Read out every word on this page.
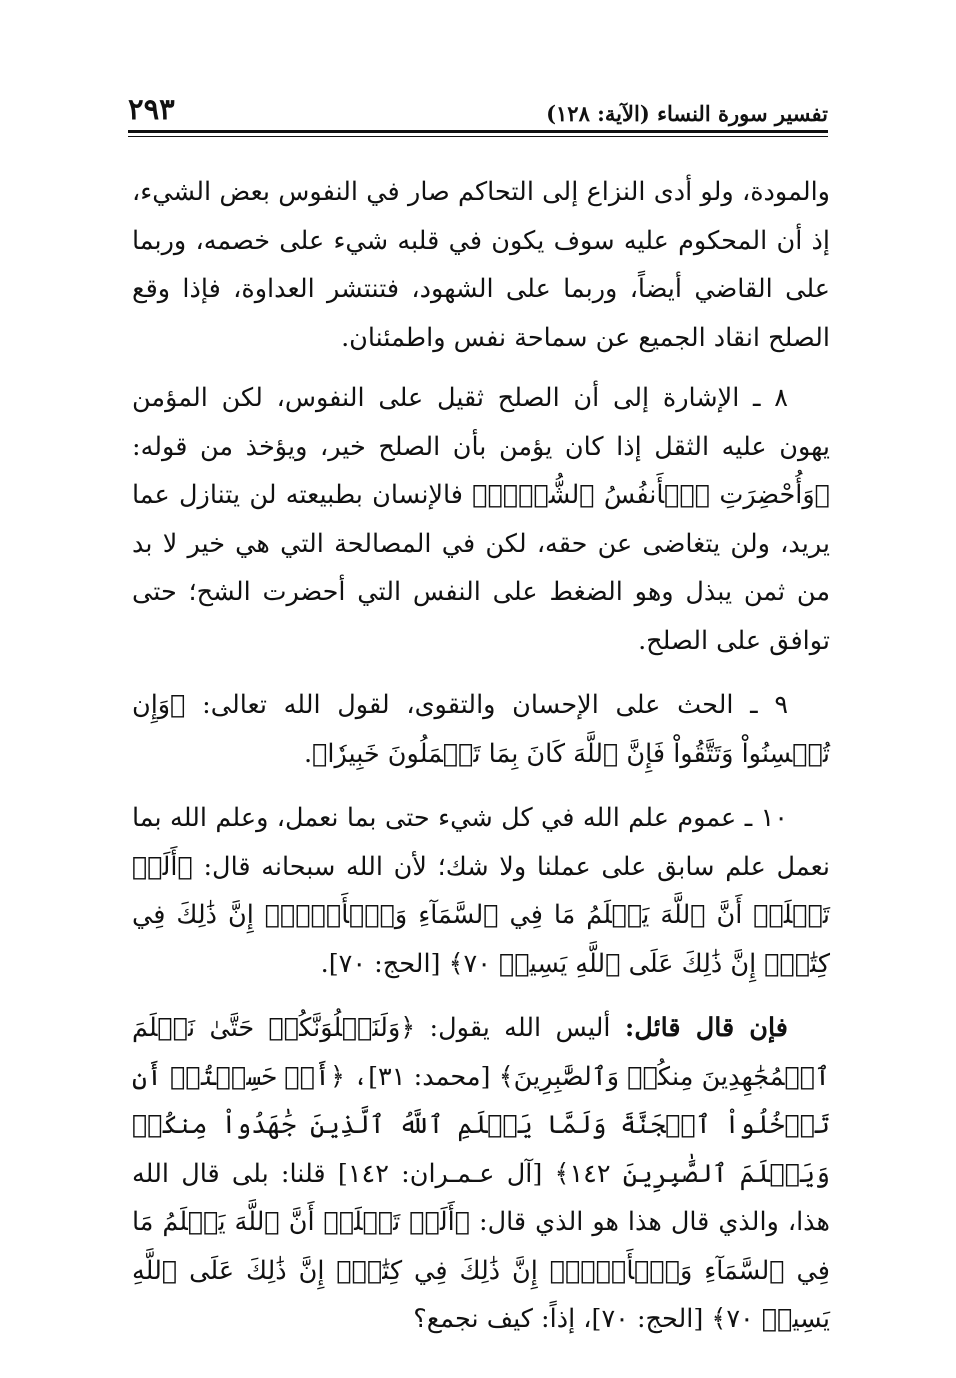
تفسير سورة النساء (الآية: ١٢٨)
٢٩٣

والمودة، ولو أدى النزاع إلى التحاكم صار في النفوس بعض الشيء، إذ أن المحكوم عليه سوف يكون في قلبه شيء على خصمه، وربما على القاضي أيضاً، وربما على الشهود، فتنتشر العداوة، فإذا وقع الصلح انقاد الجميع عن سماحة نفس واطمئنان.

٨ ـ الإشارة إلى أن الصلح ثقيل على النفوس، لكن المؤمن يهون عليه الثقل إذا كان يؤمن بأن الصلح خير، ويؤخذ من قوله: ﴿وَأُحْضِرَتِ ٱلۡأَنفُسُ ٱلشُّحَّۚ﴾ فالإنسان بطبيعته لن يتنازل عما يريد، ولن يتغاضى عن حقه، لكن في المصالحة التي هي خير لا بد من ثمن يبذل وهو الضغط على النفس التي أحضرت الشح؛ حتى توافق على الصلح.

٩ ـ الحث على الإحسان والتقوى، لقول الله تعالى: ﴿وَإِن تُحۡسِنُواْ وَتَتَّقُواْ فَإِنَّ ٱللَّهَ كَانَ بِمَا تَعۡمَلُونَ خَبِيرٗا﴾.

١٠ ـ عموم علم الله في كل شيء حتى بما نعمل، وعلم الله بما نعمل علم سابق على عملنا ولا شك؛ لأن الله سبحانه قال: ﴿أَلَمۡ تَعۡلَمۡ أَنَّ ٱللَّهَ يَعۡلَمُ مَا فِي ٱلسَّمَآءِ وَٱلۡأَرۡضِۗ إِنَّ ذَٰلِكَ فِي كِتَٰبٍۚ إِنَّ ذَٰلِكَ عَلَى ٱللَّهِ يَسِيرٞ ٧٠﴾ [الحج: ٧٠].

فإن قال قائل: أليس الله يقول: ﴿وَلَنَبۡلُوَنَّكُمۡ حَتَّىٰ نَعۡلَمَ ٱلۡمُجَٰهِدِينَ مِنكُمۡ وَٱلصَّٰبِرِينَ﴾ [محمد: ٣١]، ﴿أَمۡ حَسِبۡتُمۡ أَن تَدۡخُلُواْ ٱلۡجَنَّةَ وَلَمَّا يَعۡلَمِ ٱللَّهُ ٱلَّذِينَ جَٰهَدُواْ مِنكُمۡ وَيَعۡلَمَ ٱلصَّٰبِرِينَ ١٤٢﴾ [آل عـمـران: ١٤٢] قلنا: بلى قال الله هذا، والذي قال هذا هو الذي قال: ﴿أَلَمۡ تَعۡلَمۡ أَنَّ ٱللَّهَ يَعۡلَمُ مَا فِي ٱلسَّمَآءِ وَٱلۡأَرۡضِۗ إِنَّ ذَٰلِكَ فِي كِتَٰبٍۚ إِنَّ ذَٰلِكَ عَلَى ٱللَّهِ يَسِيرٞ ٧٠﴾ [الحج: ٧٠]، إذاً: كيف نجمع؟
